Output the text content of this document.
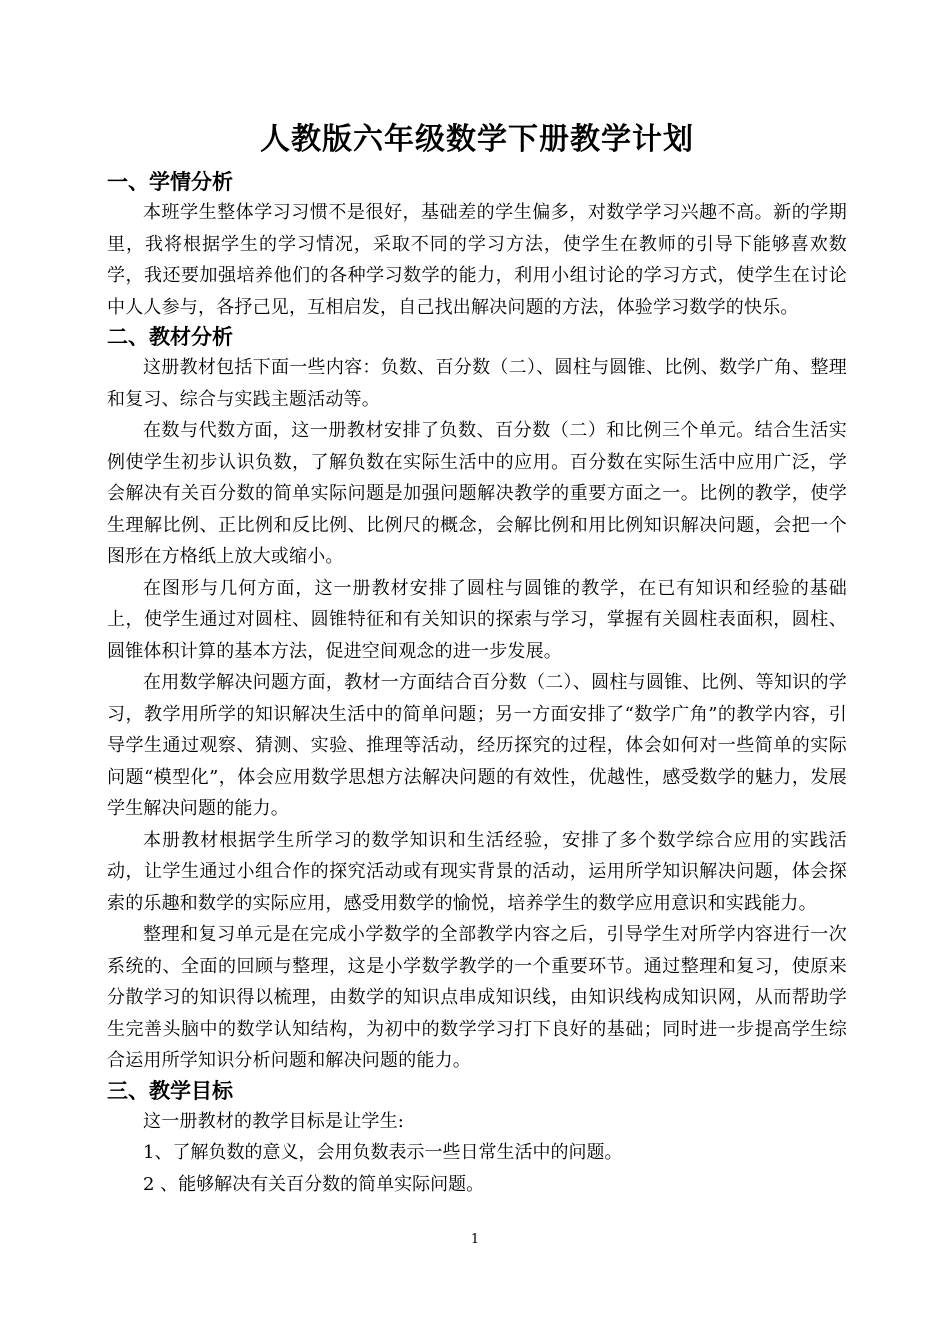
人教版六年级数学下册教学计划
一、学情分析

本班学生整体学习习惯不是很好，基础差的学生偏多，对数学学习兴趣不高。新的学期里，我将根据学生的学习情况，采取不同的学习方法，使学生在教师的引导下能够喜欢数学，我还要加强培养他们的各种学习数学的能力，利用小组讨论的学习方式，使学生在讨论中人人参与，各抒己见，互相启发，自己找出解决问题的方法，体验学习数学的快乐。

二、教材分析

这册教材包括下面一些内容：负数、百分数（二）、圆柱与圆锥、比例、数学广角、整理和复习、综合与实践主题活动等。

在数与代数方面，这一册教材安排了负数、百分数（二）和比例三个单元。结合生活实例使学生初步认识负数，了解负数在实际生活中的应用。百分数在实际生活中应用广泛，学会解决有关百分数的简单实际问题是加强问题解决教学的重要方面之一。比例的教学，使学生理解比例、正比例和反比例、比例尺的概念，会解比例和用比例知识解决问题，会把一个图形在方格纸上放大或缩小。

在图形与几何方面，这一册教材安排了圆柱与圆锥的教学，在已有知识和经验的基础上，使学生通过对圆柱、圆锥特征和有关知识的探索与学习，掌握有关圆柱表面积，圆柱、圆锥体积计算的基本方法，促进空间观念的进一步发展。

在用数学解决问题方面，教材一方面结合百分数（二）、圆柱与圆锥、比例、等知识的学习，教学用所学的知识解决生活中的简单问题；另一方面安排了“数学广角”的教学内容，引导学生通过观察、猜测、实验、推理等活动，经历探究的过程，体会如何对一些简单的实际问题“模型化”，体会应用数学思想方法解决问题的有效性，优越性，感受数学的魅力，发展学生解决问题的能力。

本册教材根据学生所学习的数学知识和生活经验，安排了多个数学综合应用的实践活动，让学生通过小组合作的探究活动或有现实背景的活动，运用所学知识解决问题，体会探索的乐趣和数学的实际应用，感受用数学的愉悦，培养学生的数学应用意识和实践能力。

整理和复习单元是在完成小学数学的全部教学内容之后，引导学生对所学内容进行一次系统的、全面的回顾与整理，这是小学数学教学的一个重要环节。通过整理和复习，使原来分散学习的知识得以梳理，由数学的知识点串成知识线，由知识线构成知识网，从而帮助学生完善头脑中的数学认知结构，为初中的数学学习打下良好的基础；同时进一步提高学生综合运用所学知识分析问题和解决问题的能力。

三、教学目标

这一册教材的教学目标是让学生:

1、了解负数的意义，会用负数表示一些日常生活中的问题。

2 、能够解决有关百分数的简单实际问题。

1
